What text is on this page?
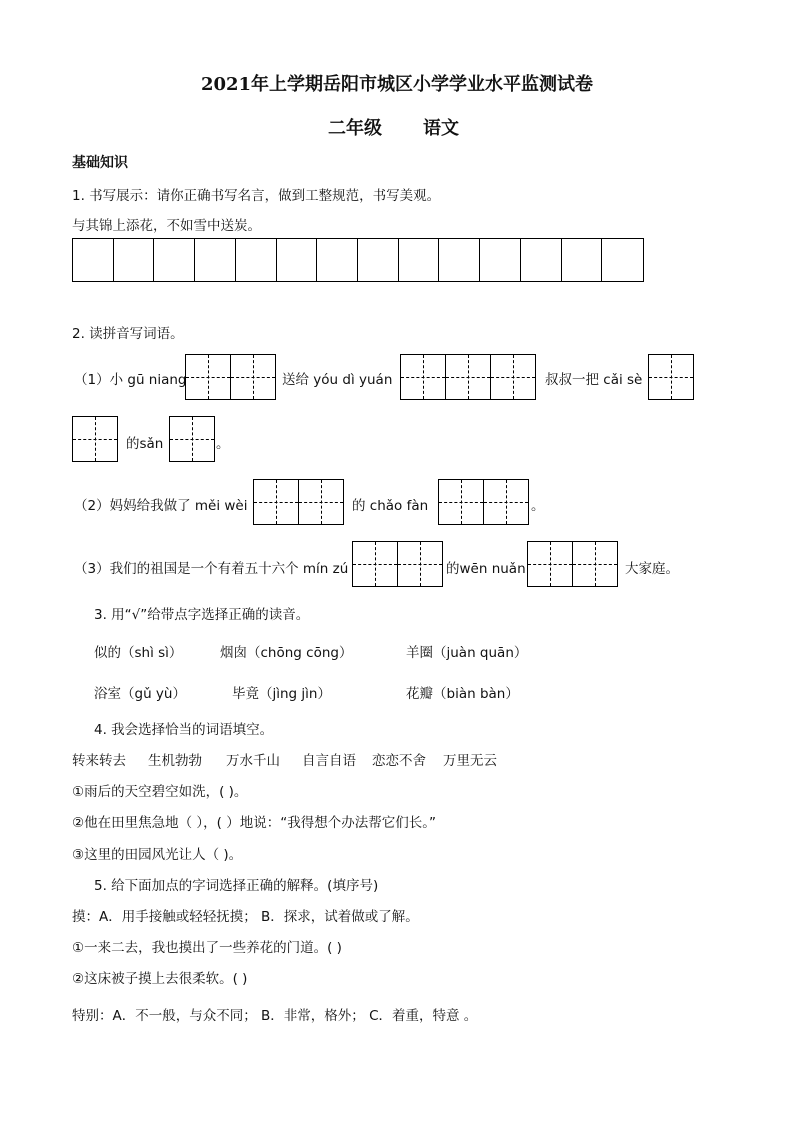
2021年上学期岳阳市城区小学学业水平监测试卷
二年级 语文
基础知识
1. 书写展示：请你正确书写名言，做到工整规范，书写美观。
与其锦上添花，不如雪中送炭。
2. 读拼音写词语。
（1）小 gū niang	送给 yóu dì yuán	叔叔一把 cǎi sè
的sǎn	。
（2）妈妈给我做了 měi wèi	的 chǎo fàn	。
（3）我们的祖国是一个有着五十六个 mín zú	的wēn nuǎn	大家庭。
3. 用“√”给带点字选择正确的读音。
似的（shì sì）	烟囱（chōng cōng）	羊圈（juàn quān）
浴室（gǔ yù）	毕竟（jìng jìn）	花瓣（biàn bàn）
4. 我会选择恰当的词语填空。
转来转去 生机勃勃 万水千山 自言自语 恋恋不舍 万里无云
①雨后的天空碧空如洗，( )。
②他在田里焦急地（ ），( ）地说：“我得想个办法帮它们长。”
③这里的田园风光让人（ )。
5. 给下面加点的字词选择正确的解释。(填序号)
摸：A．用手接触或轻轻抚摸； B．探求，试着做或了解。
①一来二去，我也摸出了一些养花的门道。( )
②这床被子摸上去很柔软。( )
特别：A．不一般，与众不同； B．非常，格外； C．着重，特意 。
